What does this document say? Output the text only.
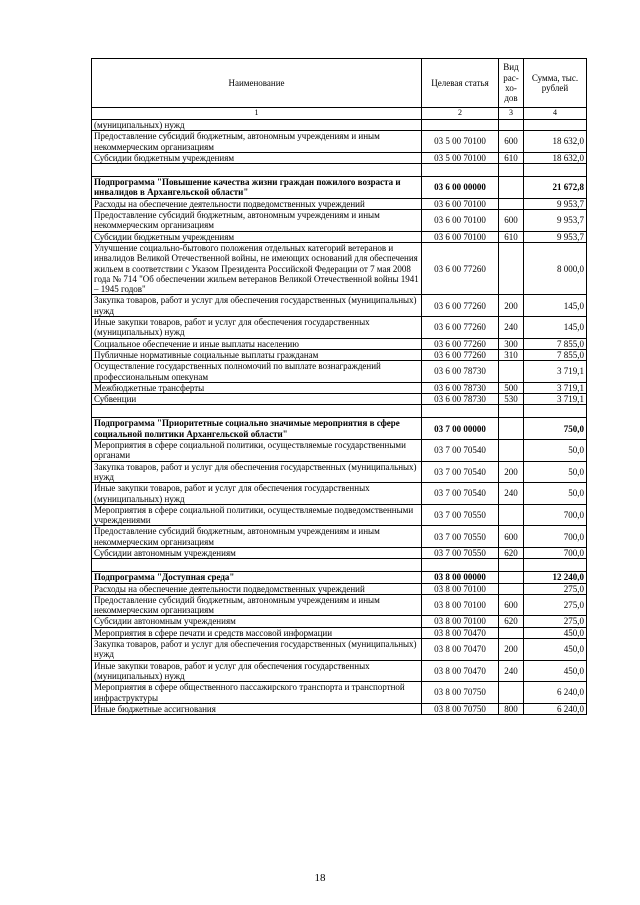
Наименование	Целевая статья	Вид рас-хо-дов	Сумма, тыс. рублей
1	2	3	4
(муниципальных) нужд			
Предоставление субсидий бюджетным, автономным учреждениям и иным некоммерческим организациям	03 5 00 70100	600	18 632,0
Субсидии бюджетным учреждениям	03 5 00 70100	610	18 632,0

Подпрограмма "Повышение качества жизни граждан пожилого возраста и инвалидов в Архангельской области"	03 6 00 00000		21 672,8
Расходы на обеспечение деятельности подведомственных учреждений	03 6 00 70100		9 953,7
Предоставление субсидий бюджетным, автономным учреждениям и иным некоммерческим организациям	03 6 00 70100	600	9 953,7
Субсидии бюджетным учреждениям	03 6 00 70100	610	9 953,7
Улучшение социально-бытового положения отдельных категорий ветеранов и инвалидов Великой Отечественной войны, не имеющих оснований для обеспечения жильем в соответствии с Указом Президента Российской Федерации от 7 мая 2008 года № 714 "Об обеспечении жильем ветеранов Великой Отечественной войны 1941 – 1945 годов"	03 6 00 77260		8 000,0
Закупка товаров, работ и услуг для обеспечения государственных (муниципальных) нужд	03 6 00 77260	200	145,0
Иные закупки товаров, работ и услуг для обеспечения государственных (муниципальных) нужд	03 6 00 77260	240	145,0
Социальное обеспечение и иные выплаты населению	03 6 00 77260	300	7 855,0
Публичные нормативные социальные выплаты гражданам	03 6 00 77260	310	7 855,0
Осуществление государственных полномочий по выплате вознаграждений профессиональным опекунам	03 6 00 78730		3 719,1
Межбюджетные трансферты	03 6 00 78730	500	3 719,1
Субвенции	03 6 00 78730	530	3 719,1

Подпрограмма "Приоритетные социально значимые мероприятия в сфере социальной политики Архангельской области"	03 7 00 00000		750,0
Мероприятия в сфере социальной политики, осуществляемые государственными органами	03 7 00 70540		50,0
Закупка товаров, работ и услуг для обеспечения государственных (муниципальных) нужд	03 7 00 70540	200	50,0
Иные закупки товаров, работ и услуг для обеспечения государственных (муниципальных) нужд	03 7 00 70540	240	50,0
Мероприятия в сфере социальной политики, осуществляемые подведомственными учреждениями	03 7 00 70550		700,0
Предоставление субсидий бюджетным, автономным учреждениям и иным некоммерческим организациям	03 7 00 70550	600	700,0
Субсидии автономным учреждениям	03 7 00 70550	620	700,0

Подпрограмма "Доступная среда"	03 8 00 00000		12 240,0
Расходы на обеспечение деятельности подведомственных учреждений	03 8 00 70100		275,0
Предоставление субсидий бюджетным, автономным учреждениям и иным некоммерческим организациям	03 8 00 70100	600	275,0
Субсидии автономным учреждениям	03 8 00 70100	620	275,0
Мероприятия в сфере печати и средств массовой информации	03 8 00 70470		450,0
Закупка товаров, работ и услуг для обеспечения государственных (муниципальных) нужд	03 8 00 70470	200	450,0
Иные закупки товаров, работ и услуг для обеспечения государственных (муниципальных) нужд	03 8 00 70470	240	450,0
Мероприятия в сфере общественного пассажирского транспорта и транспортной инфраструктуры	03 8 00 70750		6 240,0
Иные бюджетные ассигнования	03 8 00 70750	800	6 240,0
18
